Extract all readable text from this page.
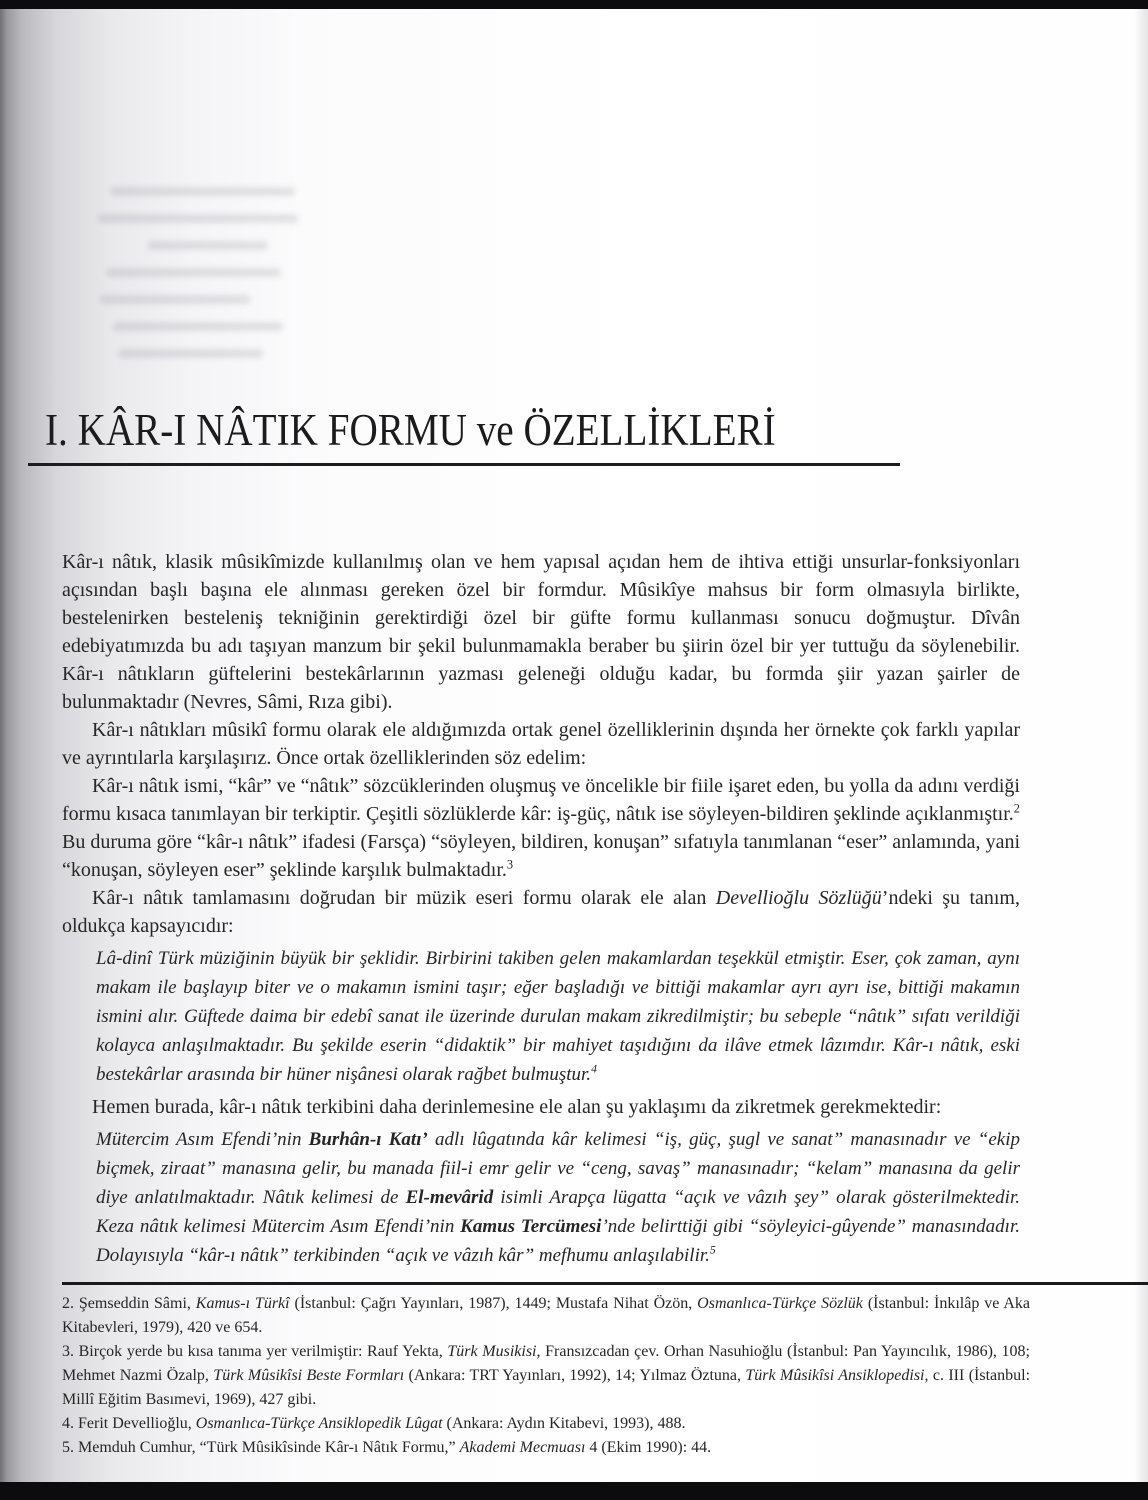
I. KÂR-I NÂTIK FORMU ve ÖZELLİKLERİ

Kâr-ı nâtık, klasik mûsikîmizde kullanılmış olan ve hem yapısal açıdan hem de ihtiva ettiği unsurlar-fonksiyonları açısından başlı başına ele alınması gereken özel bir formdur. Mûsikîye mahsus bir form olmasıyla birlikte, bestelenirken besteleniş tekniğinin gerektirdiği özel bir güfte formu kullanması sonucu doğmuştur. Dîvân edebiyatımızda bu adı taşıyan manzum bir şekil bulunmamakla beraber bu şiirin özel bir yer tuttuğu da söylenebilir. Kâr-ı nâtıkların güftelerini bestekârlarının yazması geleneği olduğu kadar, bu formda şiir yazan şairler de bulunmaktadır (Nevres, Sâmi, Rıza gibi).

Kâr-ı nâtıkları mûsikî formu olarak ele aldığımızda ortak genel özelliklerinin dışında her örnekte çok farklı yapılar ve ayrıntılarla karşılaşırız. Önce ortak özelliklerinden söz edelim:

Kâr-ı nâtık ismi, “kâr” ve “nâtık” sözcüklerinden oluşmuş ve öncelikle bir fiile işaret eden, bu yolla da adını verdiği formu kısaca tanımlayan bir terkiptir. Çeşitli sözlüklerde kâr: iş-güç, nâtık ise söyleyen-bildiren şeklinde açıklanmıştır.$^2$ Bu duruma göre “kâr-ı nâtık” ifadesi (Farsça) “söyleyen, bildiren, konuşan” sıfatıyla tanımlanan “eser” anlamında, yani “konuşan, söyleyen eser” şeklinde karşılık bulmaktadır.$^3$

Kâr-ı nâtık tamlamasını doğrudan bir müzik eseri formu olarak ele alan Devellioğlu Sözlüğü’ndeki şu tanım, oldukça kapsayıcıdır:

Lâ-dinî Türk müziğinin büyük bir şeklidir. Birbirini takiben gelen makamlardan teşekkül etmiştir. Eser, çok zaman, aynı makam ile başlayıp biter ve o makamın ismini taşır; eğer başladığı ve bittiği makamlar ayrı ayrı ise, bittiği makamın ismini alır. Güftede daima bir edebî sanat ile üzerinde durulan makam zikredilmiştir; bu sebeple “nâtık” sıfatı verildiği kolayca anlaşılmaktadır. Bu şekilde eserin “didaktik” bir mahiyet taşıdığını da ilâve etmek lâzımdır. Kâr-ı nâtık, eski bestekârlar arasında bir hüner nişânesi olarak rağbet bulmuştur.$^4$

Hemen burada, kâr-ı nâtık terkibini daha derinlemesine ele alan şu yaklaşımı da zikretmek gerekmektedir:

Mütercim Asım Efendi’nin Burhân-ı Katı’ adlı lûgatında kâr kelimesi “iş, güç, şugl ve sanat” manasınadır ve “ekip biçmek, ziraat” manasına gelir, bu manada fiil-i emr gelir ve “ceng, savaş” manasınadır; “kelam” manasına da gelir diye anlatılmaktadır. Nâtık kelimesi de El-mevârid isimli Arapça lügatta “açık ve vâzıh şey” olarak gösterilmektedir. Keza nâtık kelimesi Mütercim Asım Efendi’nin Kamus Tercümesi’nde belirttiği gibi “söyleyici-gûyende” manasındadır. Dolayısıyla “kâr-ı nâtık” terkibinden “açık ve vâzıh kâr” mefhumu anlaşılabilir.$^5$

2. Şemseddin Sâmi, Kamus-ı Türkî (İstanbul: Çağrı Yayınları, 1987), 1449; Mustafa Nihat Özön, Osmanlıca-Türkçe Sözlük (İstanbul: İnkılâp ve Aka Kitabevleri, 1979), 420 ve 654.

3. Birçok yerde bu kısa tanıma yer verilmiştir: Rauf Yekta, Türk Musikisi, Fransızcadan çev. Orhan Nasuhioğlu (İstanbul: Pan Yayıncılık, 1986), 108; Mehmet Nazmi Özalp, Türk Mûsikîsi Beste Formları (Ankara: TRT Yayınları, 1992), 14; Yılmaz Öztuna, Türk Mûsikîsi Ansiklopedisi, c. III (İstanbul: Millî Eğitim Basımevi, 1969), 427 gibi.

4. Ferit Devellioğlu, Osmanlıca-Türkçe Ansiklopedik Lûgat (Ankara: Aydın Kitabevi, 1993), 488.

5. Memduh Cumhur, “Türk Mûsikîsinde Kâr-ı Nâtık Formu,” Akademi Mecmuası 4 (Ekim 1990): 44.
